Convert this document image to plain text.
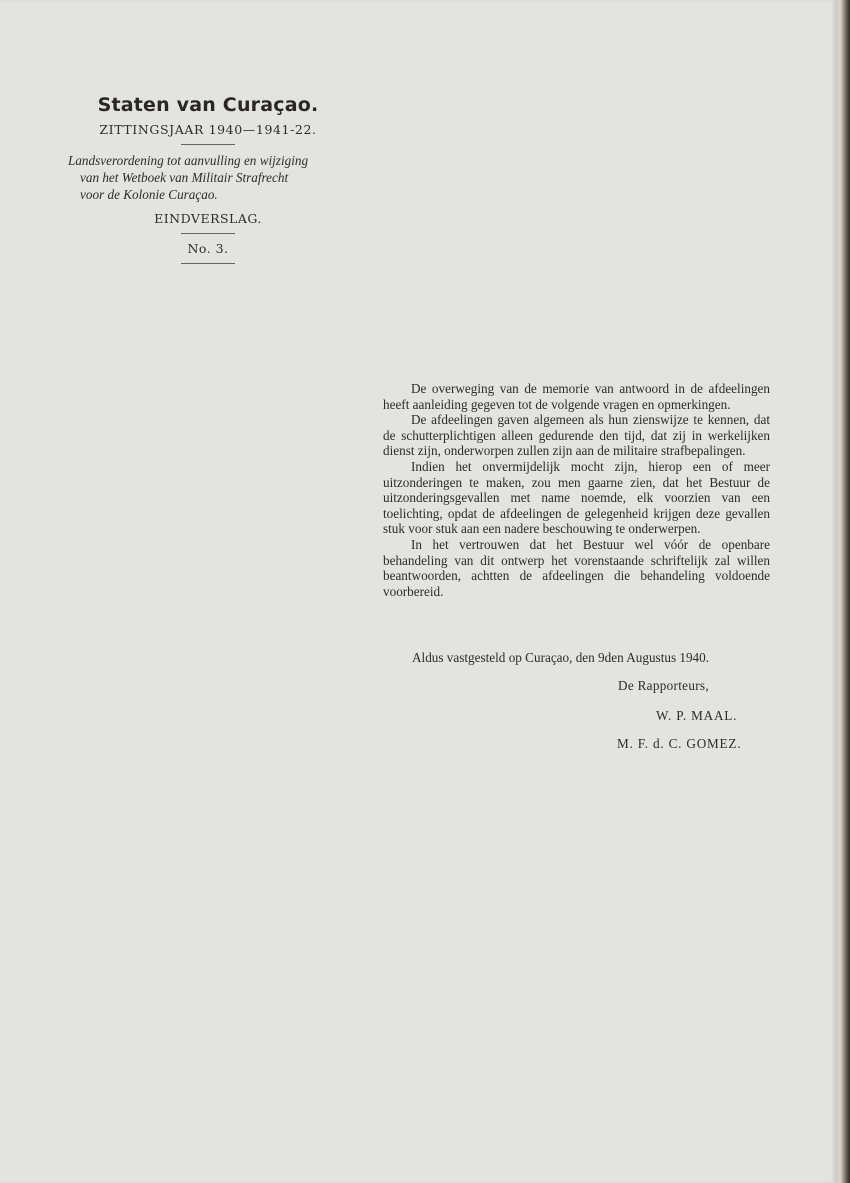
Staten van Curaçao.

ZITTINGSJAAR 1940—1941-22.

Landsverordening tot aanvulling en wijziging
van het Wetboek van Militair Strafrecht
voor de Kolonie Curaçao.

EINDVERSLAG.

No. 3.

De overweging van de memorie van antwoord in de afdeelingen heeft aanleiding gegeven tot de volgende vragen en opmerkingen.

De afdeelingen gaven algemeen als hun zienswijze te kennen, dat de schutterplichtigen alleen gedurende den tijd, dat zij in werkelijken dienst zijn, onderworpen zullen zijn aan de militaire strafbepalingen.

Indien het onvermijdelijk mocht zijn, hierop een of meer uitzonderingen te maken, zou men gaarne zien, dat het Bestuur de uitzonderingsgevallen met name noemde, elk voorzien van een toelichting, opdat de afdeelingen de gelegenheid krijgen deze gevallen stuk voor stuk aan een nadere beschouwing te onderwerpen.

In het vertrouwen dat het Bestuur wel vóór de openbare behandeling van dit ontwerp het vorenstaande schriftelijk zal willen beantwoorden, achtten de afdeelingen die behandeling voldoende voorbereid.

Aldus vastgesteld op Curaçao, den 9den Augustus 1940.
De Rapporteurs,
W. P. MAAL.
M. F. d. C. GOMEZ.
